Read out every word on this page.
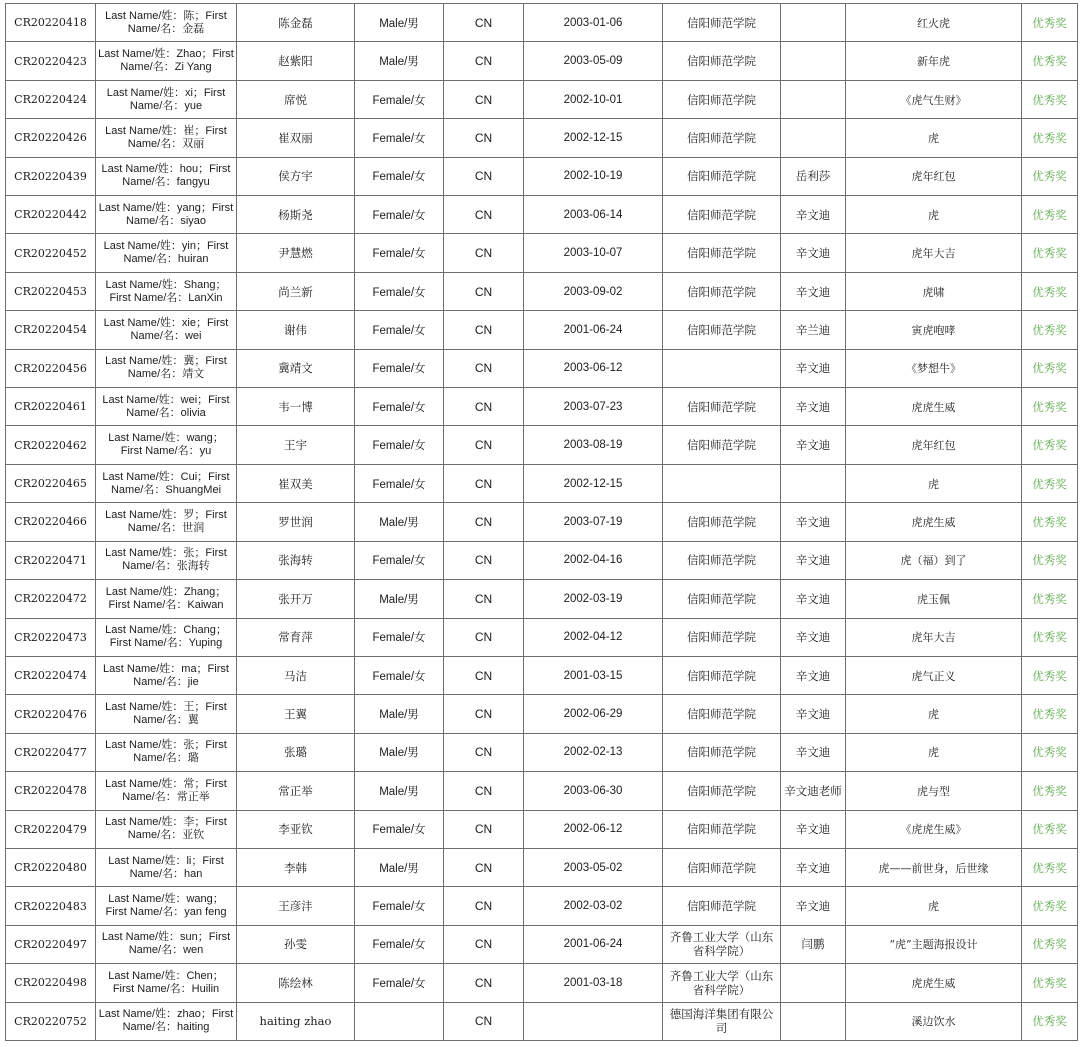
CR20220418	Last Name/姓：陈；First Name/名：金磊	陈金磊	Male/男	CN	2003-01-06	信阳师范学院		红火虎	优秀奖
CR20220423	Last Name/姓：Zhao；First Name/名：Zi Yang	赵紫阳	Male/男	CN	2003-05-09	信阳师范学院		新年虎	优秀奖
CR20220424	Last Name/姓：xi；First Name/名：yue	席悦	Female/女	CN	2002-10-01	信阳师范学院		《虎气生财》	优秀奖
CR20220426	Last Name/姓：崔；First Name/名：双丽	崔双丽	Female/女	CN	2002-12-15	信阳师范学院		虎	优秀奖
CR20220439	Last Name/姓：hou；First Name/名：fangyu	侯方宇	Female/女	CN	2002-10-19	信阳师范学院	岳利莎	虎年红包	优秀奖
CR20220442	Last Name/姓：yang；First Name/名：siyao	杨斯尧	Female/女	CN	2003-06-14	信阳师范学院	辛文迪	虎	优秀奖
CR20220452	Last Name/姓：yin；First Name/名：huiran	尹慧燃	Female/女	CN	2003-10-07	信阳师范学院	辛文迪	虎年大吉	优秀奖
CR20220453	Last Name/姓：Shang；First Name/名：LanXin	尚兰新	Female/女	CN	2003-09-02	信阳师范学院	辛文迪	虎啸	优秀奖
CR20220454	Last Name/姓：xie；First Name/名：wei	谢伟	Female/女	CN	2001-06-24	信阳师范学院	辛兰迪	寅虎咆哮	优秀奖
CR20220456	Last Name/姓：冀；First Name/名：靖文	冀靖文	Female/女	CN	2003-06-12		辛文迪	《梦想牛》	优秀奖
CR20220461	Last Name/姓：wei；First Name/名：olivia	韦一博	Female/女	CN	2003-07-23	信阳师范学院	辛文迪	虎虎生威	优秀奖
CR20220462	Last Name/姓：wang；First Name/名：yu	王宇	Female/女	CN	2003-08-19	信阳师范学院	辛文迪	虎年红包	优秀奖
CR20220465	Last Name/姓：Cui；First Name/名：ShuangMei	崔双美	Female/女	CN	2002-12-15			虎	优秀奖
CR20220466	Last Name/姓：罗；First Name/名：世润	罗世润	Male/男	CN	2003-07-19	信阳师范学院	辛文迪	虎虎生威	优秀奖
CR20220471	Last Name/姓：张；First Name/名：张海转	张海转	Female/女	CN	2002-04-16	信阳师范学院	辛文迪	虎（福）到了	优秀奖
CR20220472	Last Name/姓：Zhang；First Name/名：Kaiwan	张开万	Male/男	CN	2002-03-19	信阳师范学院	辛文迪	虎玉佩	优秀奖
CR20220473	Last Name/姓：Chang；First Name/名：Yuping	常育萍	Female/女	CN	2002-04-12	信阳师范学院	辛文迪	虎年大吉	优秀奖
CR20220474	Last Name/姓：ma；First Name/名：jie	马洁	Female/女	CN	2001-03-15	信阳师范学院	辛文迪	虎气正义	优秀奖
CR20220476	Last Name/姓：王；First Name/名：翼	王翼	Male/男	CN	2002-06-29	信阳师范学院	辛文迪	虎	优秀奖
CR20220477	Last Name/姓：张；First Name/名：璐	张璐	Male/男	CN	2002-02-13	信阳师范学院	辛文迪	虎	优秀奖
CR20220478	Last Name/姓：常；First Name/名：常正举	常正举	Male/男	CN	2003-06-30	信阳师范学院	辛文迪老师	虎与型	优秀奖
CR20220479	Last Name/姓：李；First Name/名：亚钦	李亚钦	Female/女	CN	2002-06-12	信阳师范学院	辛文迪	《虎虎生威》	优秀奖
CR20220480	Last Name/姓：li；First Name/名：han	李韩	Male/男	CN	2003-05-02	信阳师范学院	辛文迪	虎——前世身，后世缘	优秀奖
CR20220483	Last Name/姓：wang；First Name/名：yan feng	王彦沣	Female/女	CN	2002-03-02	信阳师范学院	辛文迪	虎	优秀奖
CR20220497	Last Name/姓：sun；First Name/名：wen	孙雯	Female/女	CN	2001-06-24	齐鲁工业大学（山东省科学院）	闫鹏	“虎”主题海报设计	优秀奖
CR20220498	Last Name/姓：Chen；First Name/名：Huilin	陈绘林	Female/女	CN	2001-03-18	齐鲁工业大学（山东省科学院）		虎虎生威	优秀奖
CR20220752	Last Name/姓：zhao；First Name/名：haiting	haiting zhao		CN		德国海洋集团有限公司		溪边饮水	优秀奖
